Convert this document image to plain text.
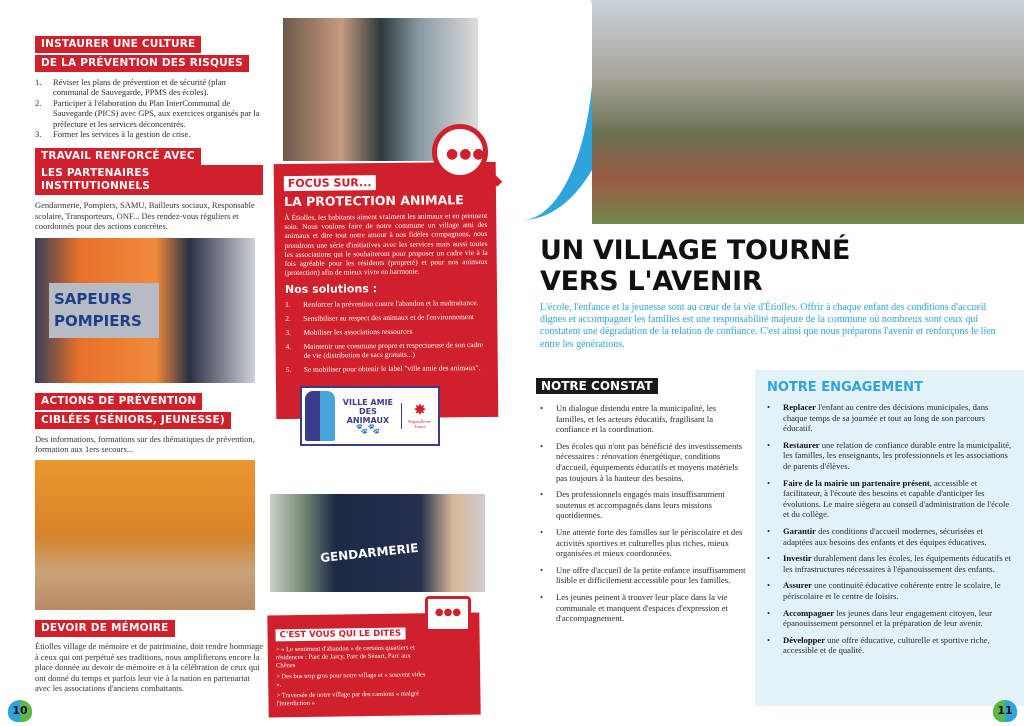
INSTAURER UNE CULTURE
DE LA PRÉVENTION DES RISQUES
1.	Réviser les plans de prévention et de sécurité (plan communal de Sauvegarde, PPMS des écoles).
2.	Participer à l'élaboration du Plan InterCommunal de Sauvegarde (PICS) avec GPS, aux exercices organisés par la préfecture et les services déconcentrés.
3.	Former les services à la gestion de crise.
TRAVAIL RENFORCÉ AVEC
LES PARTENAIRES INSTITUTIONNELS

Gendarmerie, Pompiers, SAMU, Bailleurs sociaux, Responsable scolaire, Transporteurs, ONF... Des rendez-vous réguliers et coordonnés pour des actions concrètes.

SAPEURS POMPIERS
ACTIONS DE PRÉVENTION
CIBLÉES (SÉNIORS, JEUNESSE)

Des informations, formations sur des thématiques de prévention, formation aux 1ers secours...

DEVOIR DE MÉMOIRE

Étiolles village de mémoire et de patrimoine, doit rendre hommage à ceux qui ont perpétué ses traditions, nous amplifierons encore la place donnée au devoir de mémoire et à la célébration de ceux qui ont donné du temps et parfois leur vie à la nation en partenariat avec les associations d'anciens combattants.

10
FOCUS SUR...
LA PROTECTION ANIMALE

À Étiolles, les habitants aiment vraiment les animaux et en prennent soin. Nous voulons faire de notre commune un village ami des animaux et dire tout notre amour à nos fidèles compagnons, nous prendrons une série d'initiatives avec les services mais aussi toutes les associations qui le souhaiteront pour proposer un cadre vie à la fois agréable pour les résidents (propreté) et pour nos animaux (protection) afin de mieux vivre en harmonie.

Nos solutions :
1.	Renforcer la prévention contre l'abandon et la maltraitance.
2.	Sensibiliser au respect des animaux et de l'environnement
3.	Mobiliser les associations ressources
4.	Maintenir une commune propre et respectueuse de son cadre de vie (distribution de sacs gratuits...)
5.	Se mobiliser pour obtenir le label "ville amie des animaux".
VILLE AMIE
DES ANIMAUX
🐾🐾
✸
Région Île-de-France
●●●
GENDARMERIE
C'EST VOUS QUI LE DITES

> « Le sentiment d'abandon » de certains quartiers et résidences : Parc de Jarcy, Parc de Sénart, Parc aux Chênes

> Des bus trop gros pour notre village et « souvent vides ».

> Traversée de notre village par des camions « malgré l'interdiction »

●●●
UN VILLAGE TOURNÉ
VERS L'AVENIR

L'école, l'enfance et la jeunesse sont au cœur de la vie d'Étiolles. Offrir à chaque enfant des conditions d'accueil dignes et accompagner les familles est une responsabilité majeure de la commune où nombreux sont ceux qui constatent une dégradation de la relation de confiance. C'est ainsi que nous préparons l'avenir et renforçons le lien entre les générations.

NOTRE CONSTAT
•	Un dialogue distendu entre la municipalité, les familles, et les acteurs éducatifs, fragilisant la confiance et la coordination.
•	Des écoles qui n'ont pas bénéficié des investissements nécessaires : rénovation énergétique, conditions d'accueil, équipements éducatifs et moyens matériels pas toujours à la hauteur des besoins.
•	Des professionnels engagés mais insuffisamment soutenus et accompagnés dans leurs missions quotidiennes.
•	Une attente forte des familles sur le périscolaire et des activités sportives et culturelles plus riches, mieux organisées et mieux coordonnées.
•	Une offre d'accueil de la petite enfance insuffisamment lisible et difficilement accessible pour les familles.
•	Les jeunes peinent à trouver leur place dans la vie communale et manquent d'espaces d'expression et d'accompagnement.
NOTRE ENGAGEMENT
•	Replacer l'enfant au centre des décisions municipales, dans chaque temps de sa journée et tout au long de son parcours éducatif.
•	Restaurer une relation de confiance durable entre la municipalité, les familles, les enseignants, les professionnels et les associations de parents d'élèves.
•	Faire de la mairie un partenaire présent, accessible et facilitateur, à l'écoute des besoins et capable d'anticiper les évolutions. Le maire siègera au conseil d'administration de l'école et du collège.
•	Garantir des conditions d'accueil modernes, sécurisées et adaptées aux besoins des enfants et des équipes éducatives.
•	Investir durablement dans les écoles, les équipements éducatifs et les infrastructures nécessaires à l'épanouissement des enfants.
•	Assurer une continuité éducative cohérente entre le scolaire, le périscolaire et le centre de loisirs.
•	Accompagner les jeunes dans leur engagement citoyen, leur épanouissement personnel et la préparation de leur avenir.
•	Développer une offre éducative, culturelle et sportive riche, accessible et de qualité.
11
